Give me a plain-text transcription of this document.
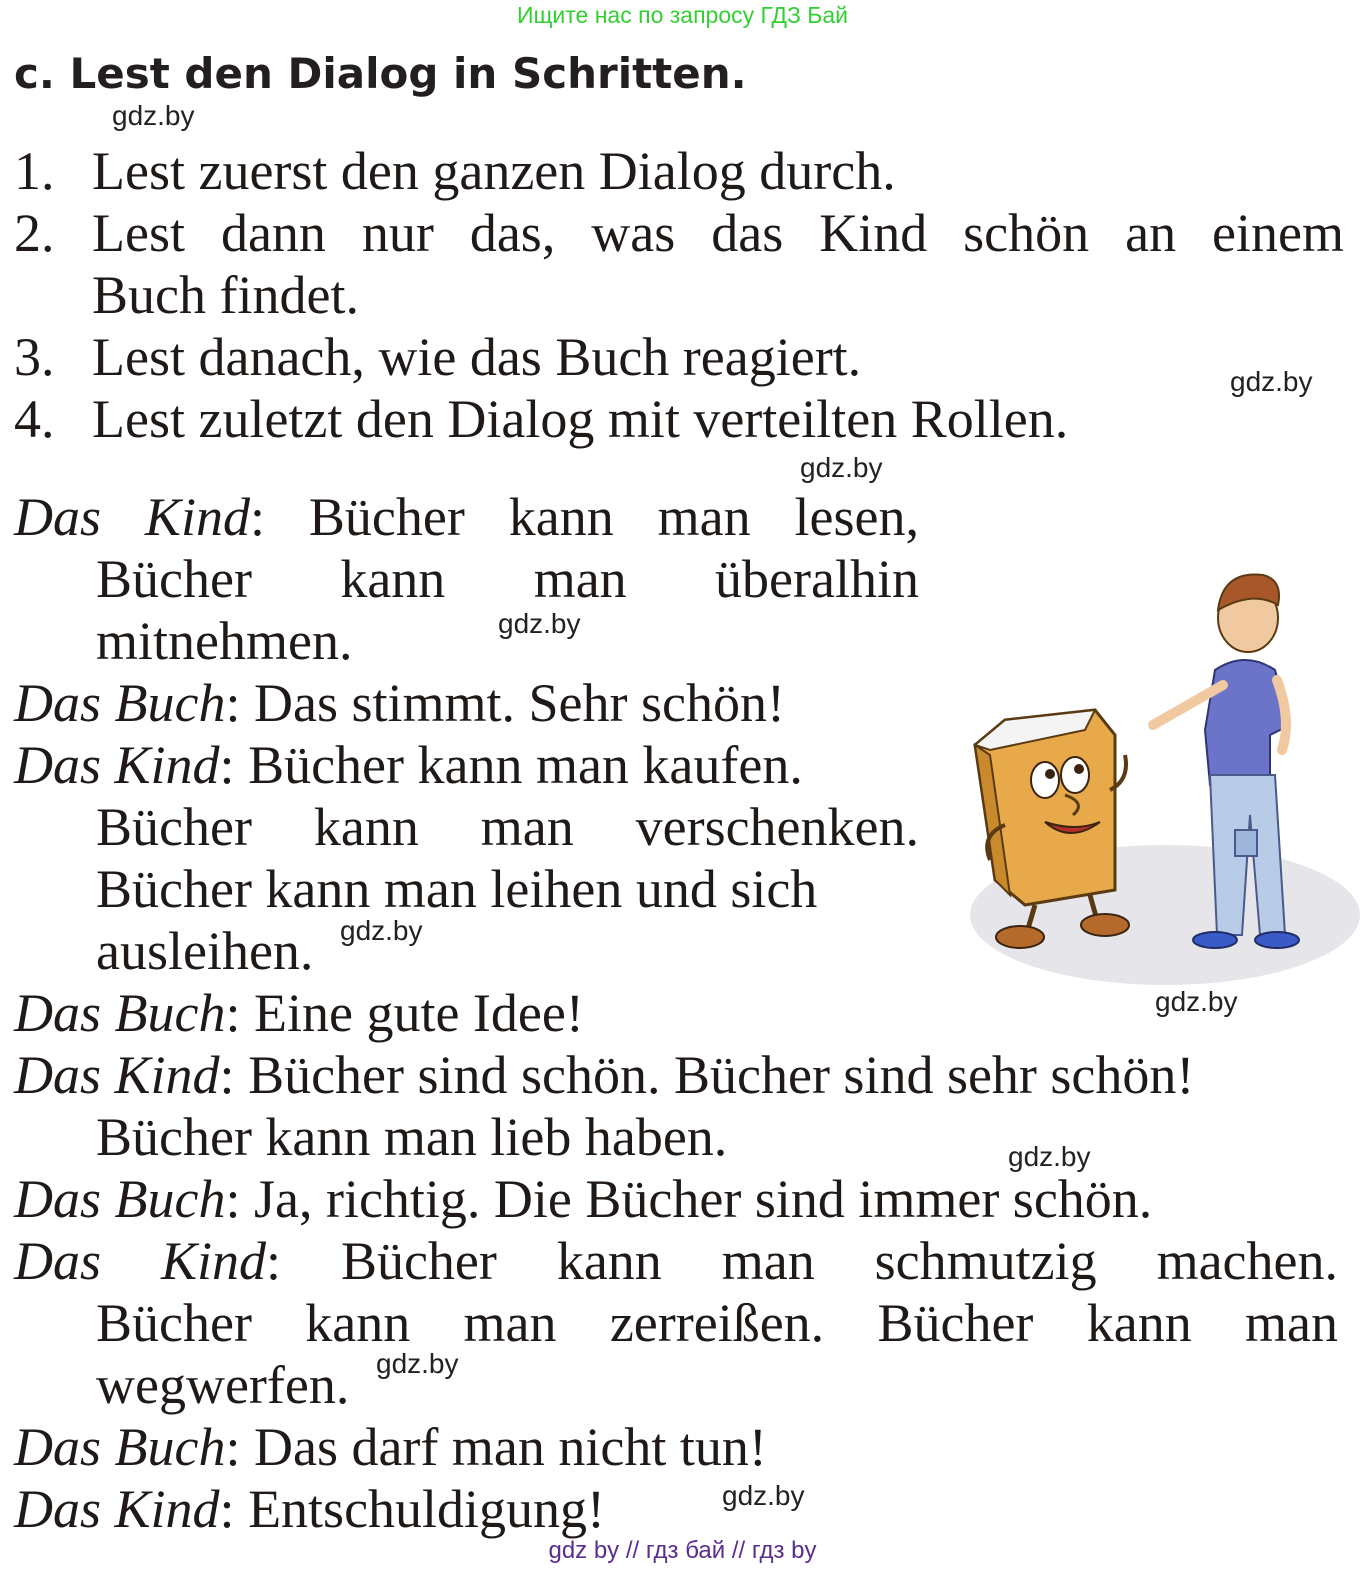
Ищите нас по запросу ГДЗ Бай
c. Lest den Dialog in Schritten.
gdz.by
1. Lest zuerst den ganzen Dialog durch.
2. Lest dann nur das, was das Kind schön an einem
Buch findet.
3. Lest danach, wie das Buch reagiert.	gdz.by
4. Lest zuletzt den Dialog mit verteilten Rollen.
gdz.by
Das Kind: Bücher kann man lesen,
Bücher kann man überalhin
mitnehmen.	gdz.by
Das Buch: Das stimmt. Sehr schön!
Das Kind: Bücher kann man kaufen.
Bücher kann man verschenken.
Bücher kann man leihen und sich
ausleihen. gdz.by
Das Buch: Eine gute Idee!	gdz.by
Das Kind: Bücher sind schön. Bücher sind sehr schön!
Bücher kann man lieb haben.	gdz.by
Das Buch: Ja, richtig. Die Bücher sind immer schön.
Das Kind: Bücher kann man schmutzig machen.
Bücher kann man zerreißen. Bücher kann man
wegwerfen. gdz.by
Das Buch: Das darf man nicht tun!
Das Kind: Entschuldigung!	gdz.by
gdz by // гдз бай // гдз by
